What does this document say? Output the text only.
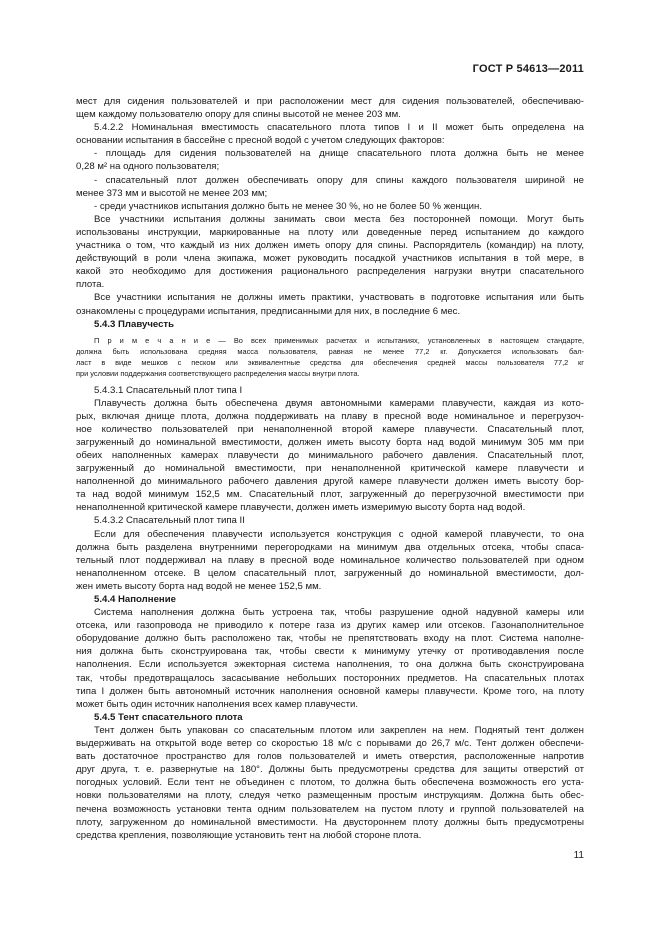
ГОСТ Р 54613—2011

мест для сидения пользователей и при расположении мест для сидения пользователей, обеспечиваю-

щем каждому пользователю опору для спины высотой не менее 203 мм.

5.4.2.2 Номинальная вместимость спасательного плота типов I и II может быть определена на

основании испытания в бассейне с пресной водой с учетом следующих факторов:

- площадь для сидения пользователей на днище спасательного плота должна быть не менее

0,28 м² на одного пользователя;

- спасательный плот должен обеспечивать опору для спины каждого пользователя шириной не

менее 373 мм и высотой не менее 203 мм;

- среди участников испытания должно быть не менее 30 %, но не более 50 % женщин.

Все участники испытания должны занимать свои места без посторонней помощи. Могут быть

использованы инструкции, маркированные на плоту или доведенные перед испытанием до каждого

участника о том, что каждый из них должен иметь опору для спины. Распорядитель (командир) на плоту,

действующий в роли члена экипажа, может руководить посадкой участников испытания в той мере, в

какой это необходимо для достижения рационального распределения нагрузки внутри спасательного

плота.

Все участники испытания не должны иметь практики, участвовать в подготовке испытания или быть

ознакомлены с процедурами испытания, предписанными для них, в последние 6 мес.

5.4.3 Плавучесть

П р и м е ч а н и е — Во всех применимых расчетах и испытаниях, установленных в настоящем стандарте,

должна быть использована средняя масса пользователя, равная не менее 77,2 кг. Допускается использовать бал-

ласт в виде мешков с песком или эквивалентные средства для обеспечения средней массы пользователя 77,2 кг

при условии поддержания соответствующего распределения массы внутри плота.

5.4.3.1 Спасательный плот типа I

Плавучесть должна быть обеспечена двумя автономными камерами плавучести, каждая из кото-

рых, включая днище плота, должна поддерживать на плаву в пресной воде номинальное и перегрузоч-

ное количество пользователей при ненаполненной второй камере плавучести. Спасательный плот,

загруженный до номинальной вместимости, должен иметь высоту борта над водой минимум 305 мм при

обеих наполненных камерах плавучести до минимального рабочего давления. Спасательный плот,

загруженный до номинальной вместимости, при ненаполненной критической камере плавучести и

наполненной до минимального рабочего давления другой камере плавучести должен иметь высоту бор-

та над водой минимум 152,5 мм. Спасательный плот, загруженный до перегрузочной вместимости при

ненаполненной критической камере плавучести, должен иметь измеримую высоту борта над водой.

5.4.3.2 Спасательный плот типа II

Если для обеспечения плавучести используется конструкция с одной камерой плавучести, то она

должна быть разделена внутренними перегородками на минимум два отдельных отсека, чтобы спаса-

тельный плот поддерживал на плаву в пресной воде номинальное количество пользователей при одном

ненаполненном отсеке. В целом спасательный плот, загруженный до номинальной вместимости, дол-

жен иметь высоту борта над водой не менее 152,5 мм.

5.4.4 Наполнение

Система наполнения должна быть устроена так, чтобы разрушение одной надувной камеры или

отсека, или газопровода не приводило к потере газа из других камер или отсеков. Газонаполнительное

оборудование должно быть расположено так, чтобы не препятствовать входу на плот. Система наполне-

ния должна быть сконструирована так, чтобы свести к минимуму утечку от противодавления после

наполнения. Если используется эжекторная система наполнения, то она должна быть сконструирована

так, чтобы предотвращалось засасывание небольших посторонних предметов. На спасательных плотах

типа I должен быть автономный источник наполнения основной камеры плавучести. Кроме того, на плоту

может быть один источник наполнения всех камер плавучести.

5.4.5 Тент спасательного плота

Тент должен быть упакован со спасательным плотом или закреплен на нем. Поднятый тент должен

выдерживать на открытой воде ветер со скоростью 18 м/с с порывами до 26,7 м/с. Тент должен обеспечи-

вать достаточное пространство для голов пользователей и иметь отверстия, расположенные напротив

друг друга, т. е. развернутые на 180°. Должны быть предусмотрены средства для защиты отверстий от

погодных условий. Если тент не объединен с плотом, то должна быть обеспечена возможность его уста-

новки пользователями на плоту, следуя четко размещенным простым инструкциям. Должна быть обес-

печена возможность установки тента одним пользователем на пустом плоту и группой пользователей на

плоту, загруженном до номинальной вместимости. На двустороннем плоту должны быть предусмотрены

средства крепления, позволяющие установить тент на любой стороне плота.

11
